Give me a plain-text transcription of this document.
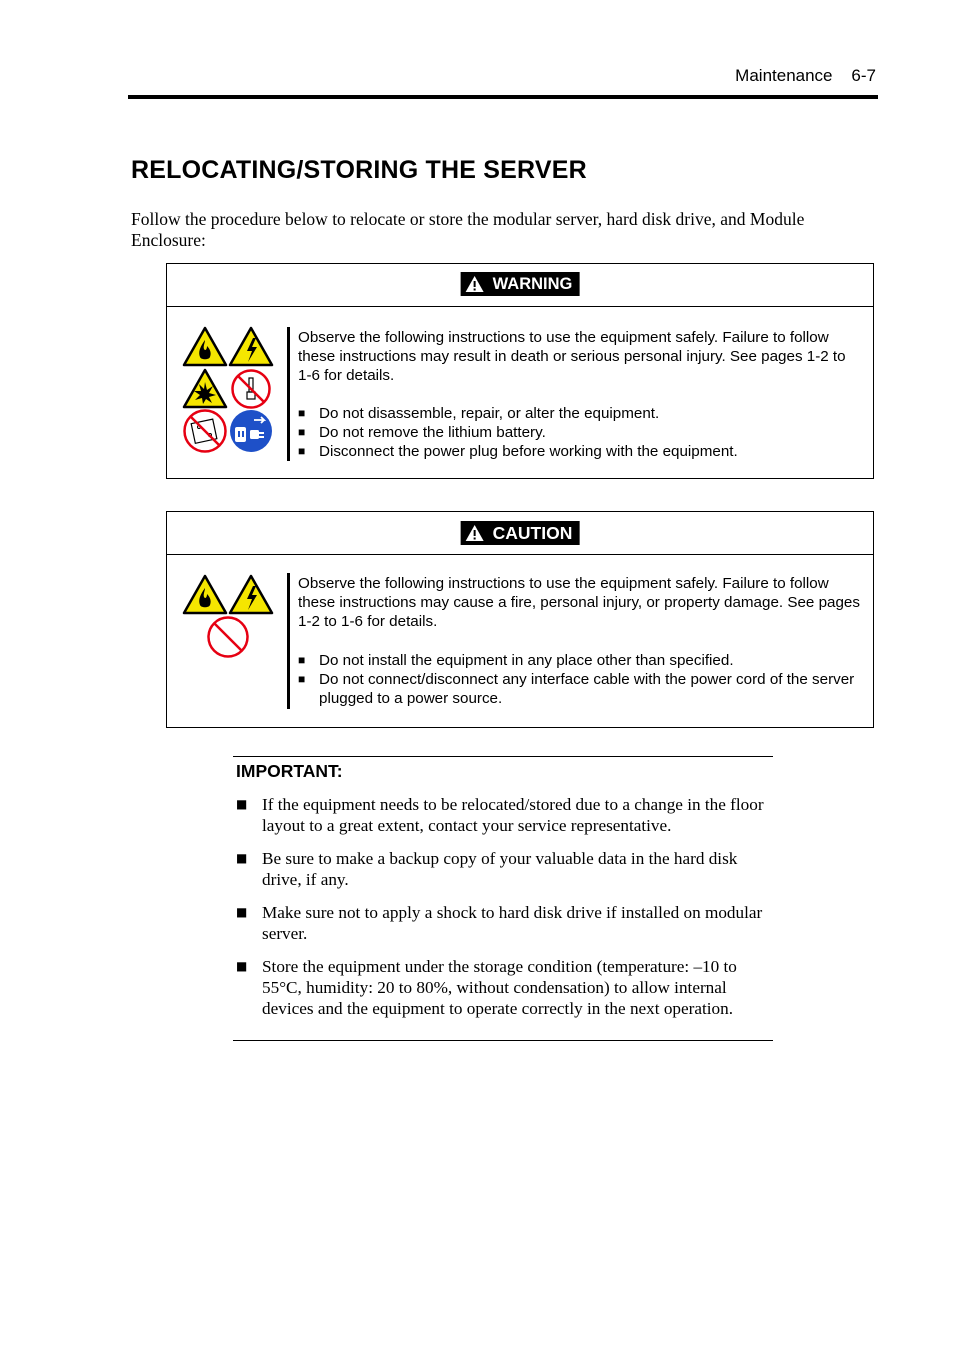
Maintenance 6-7
RELOCATING/STORING THE SERVER

Follow the procedure below to relocate or store the modular server, hard disk drive, and Module Enclosure:

WARNING

Observe the following instructions to use the equipment safely. Failure to follow these instructions may result in death or serious personal injury. See pages 1-2 to 1-6 for details.

■ Do not disassemble, repair, or alter the equipment.
■ Do not remove the lithium battery.
■ Disconnect the power plug before working with the equipment.
CAUTION

Observe the following instructions to use the equipment safely. Failure to follow these instructions may cause a fire, personal injury, or property damage. See pages 1-2 to 1-6 for details.

■ Do not install the equipment in any place other than specified.
■ Do not connect/disconnect any interface cable with the power cord of the server plugged to a power source.
IMPORTANT:
■ If the equipment needs to be relocated/stored due to a change in the floor layout to a great extent, contact your service representative.
■ Be sure to make a backup copy of your valuable data in the hard disk drive, if any.
■ Make sure not to apply a shock to hard disk drive if installed on modular server.
■ Store the equipment under the storage condition (temperature: –10 to 55°C, humidity: 20 to 80%, without condensation) to allow internal devices and the equipment to operate correctly in the next operation.
